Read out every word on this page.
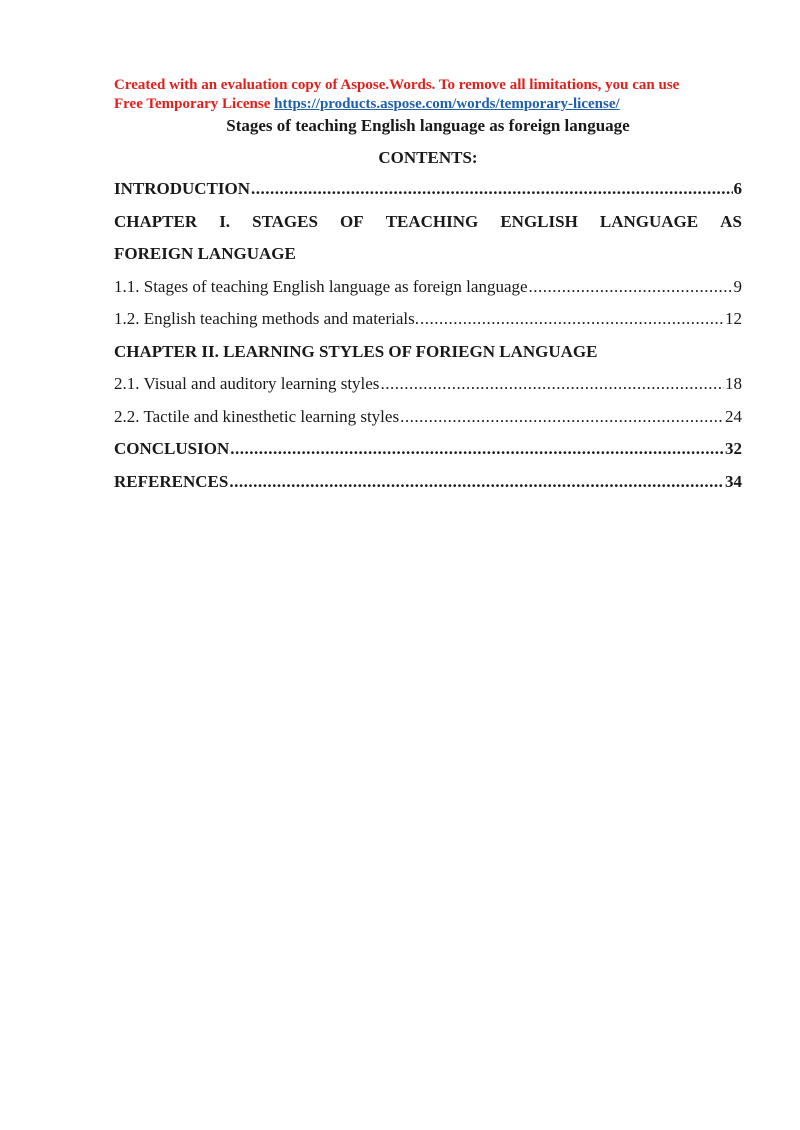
Created with an evaluation copy of Aspose.Words. To remove all limitations, you can use
Free Temporary License https://products.aspose.com/words/temporary-license/
Stages of teaching English language as foreign language
CONTENTS:
INTRODUCTION .....	6
CHAPTER I. STAGES OF TEACHING ENGLISH LANGUAGE AS
FOREIGN LANGUAGE
1.1. Stages of teaching English language as foreign language .....	9
1.2. English teaching methods and materials. .....	12
CHAPTER II. LEARNING STYLES OF FORIEGN LANGUAGE
2.1. Visual and auditory learning styles .....	18
2.2. Tactile and kinesthetic learning styles .....	24
CONCLUSION .....	32
REFERENCES .....	34
